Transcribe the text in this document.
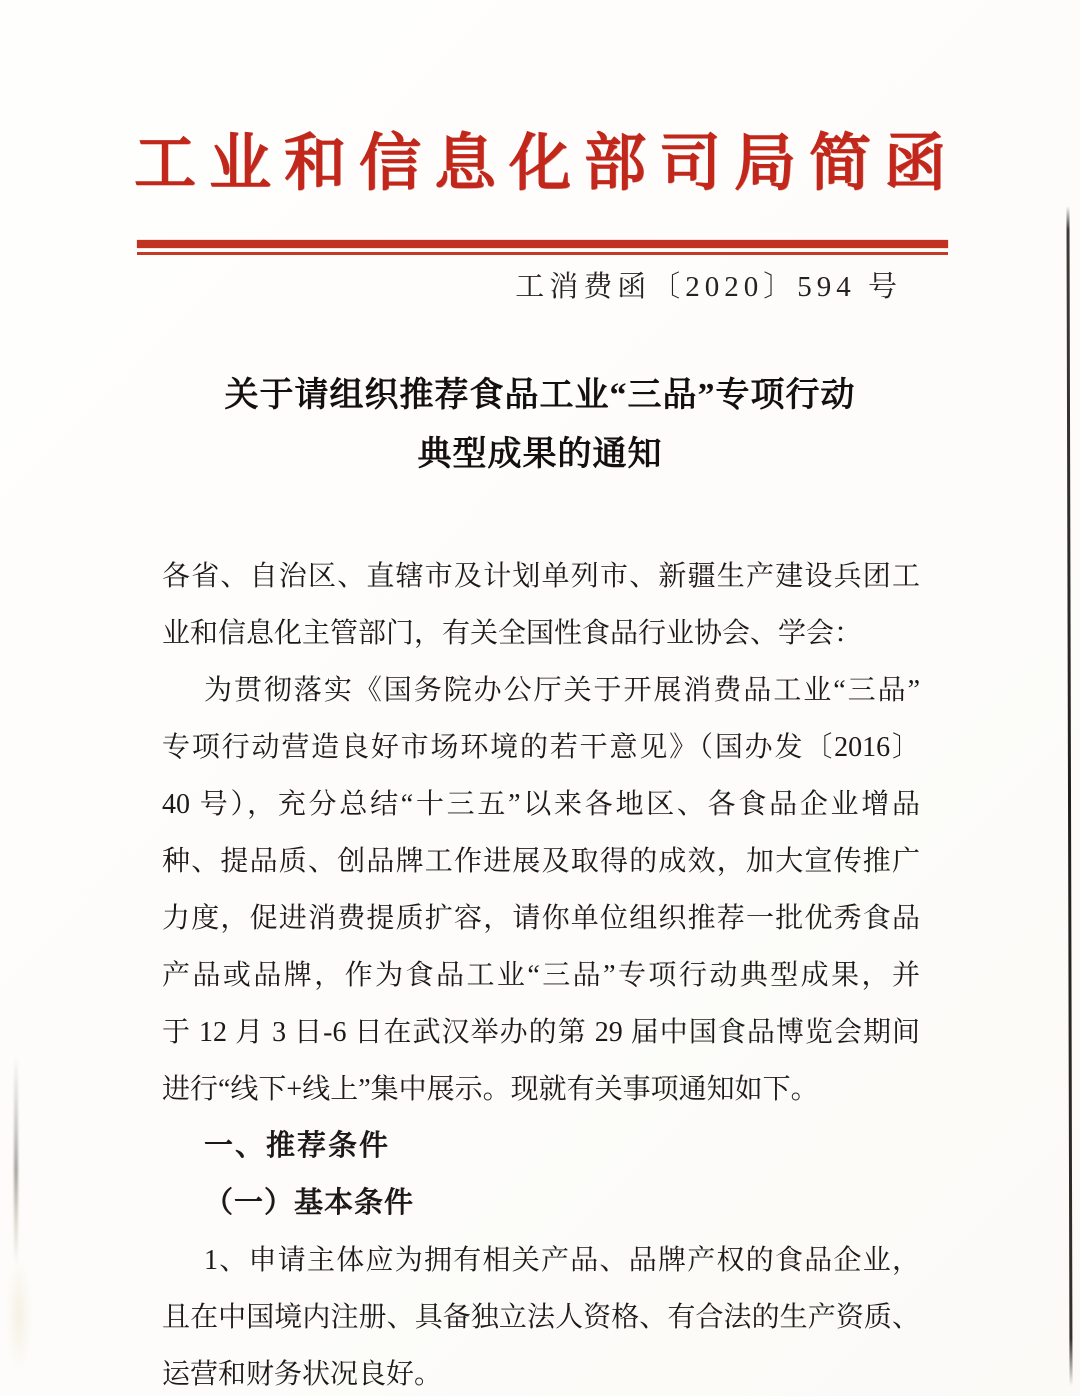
工业和信息化部司局简函
工消费函〔2020〕594 号
关于请组织推荐食品工业“三品”专项行动
典型成果的通知
各省、自治区、直辖市及计划单列市、新疆生产建设兵团工
业和信息化主管部门，有关全国性食品行业协会、学会：
为贯彻落实《国务院办公厅关于开展消费品工业“三品”
专项行动营造良好市场环境的若干意见》（国办发〔2016〕
40 号），充分总结“十三五”以来各地区、各食品企业增品
种、提品质、创品牌工作进展及取得的成效，加大宣传推广
力度，促进消费提质扩容，请你单位组织推荐一批优秀食品
产品或品牌，作为食品工业“三品”专项行动典型成果，并
于 12 月 3 日-6 日在武汉举办的第 29 届中国食品博览会期间
进行“线下+线上”集中展示。现就有关事项通知如下。
一、推荐条件
（一）基本条件
1、申请主体应为拥有相关产品、品牌产权的食品企业，
且在中国境内注册、具备独立法人资格、有合法的生产资质、
运营和财务状况良好。
